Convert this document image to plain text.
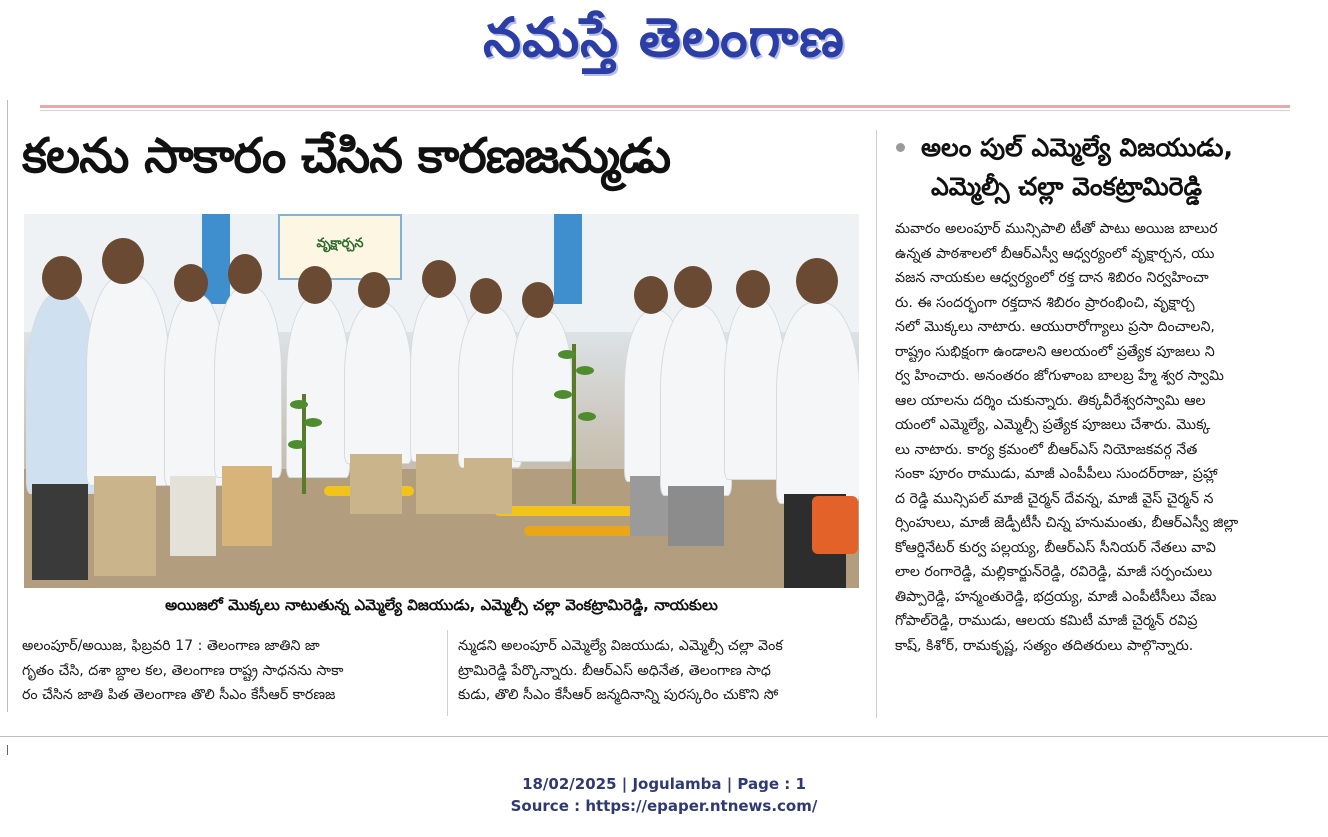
నమస్తే తెలంగాణ
కలను సాకారం చేసిన కారణజన్ముడు
వృక్షార్చన
అయిజలో మొక్కలు నాటుతున్న ఎమ్మెల్యే విజయుడు, ఎమ్మెల్సీ చల్లా వెంకట్రామిరెడ్డి, నాయకులు

అలంపూర్/అయిజ, ఫిబ్రవరి 17 : తెలంగాణ జాతిని జా

గృతం చేసి, దశా బ్దాల కల, తెలంగాణ రాష్ట్ర సాధనను సాకా

రం చేసిన జాతి పిత తెలంగాణ తొలి సీఎం కేసీఆర్ కారణజ

న్ముడని అలంపూర్ ఎమ్మెల్యే విజయుడు, ఎమ్మెల్సీ చల్లా వెంక

ట్రామిరెడ్డి పేర్కొన్నారు. బీఆర్ఎస్ అధినేత, తెలంగాణ సాధ

కుడు, తొలి సీఎం కేసీఆర్ జన్మదినాన్ని పురస్కరిం చుకొని సో

అలం పుల్ ఎమ్మెల్యే విజయుడు,

ఎమ్మెల్సీ చల్లా వెంకట్రామిరెడ్డి

మవారం అలంపూర్ మున్సిపాలి టీతో పాటు అయిజ బాలుర

ఉన్నత పాఠశాలలో బీఆర్ఎస్వీ ఆధ్వర్యంలో వృక్షార్చన, యు

వజన నాయకుల ఆధ్వర్యంలో రక్త దాన శిబిరం నిర్వహించా

రు. ఈ సందర్భంగా రక్తదాన శిబిరం ప్రారంభించి, వృక్షార్చ

నలో మొక్కలు నాటారు. ఆయురారోగ్యాలు ప్రసా దించాలని,

రాష్ట్రం సుభిక్షంగా ఉండాలని ఆలయంలో ప్రత్యేక పూజలు ని

ర్వ హించారు. అనంతరం జోగుళాంబ బాలబ్ర హ్మే శ్వర స్వామి

ఆల యాలను దర్శిం చుకున్నారు. తిక్కవీరేశ్వరస్వామి ఆల

యంలో ఎమ్మెల్యే, ఎమ్మెల్సీ ప్రత్యేక పూజలు చేశారు. మొక్క

లు నాటారు. కార్య క్రమంలో బీఆర్ఎస్ నియోజకవర్గ నేత

సంకా పూరం రాముడు, మాజీ ఎంపీపీలు సుందర్‌రాజు, ప్రహ్లా

ద రెడ్డి మున్సిపల్ మాజీ చైర్మన్ దేవన్న, మాజీ వైస్ చైర్మన్ న

ర్సింహులు, మాజీ జెడ్పీటీసీ చిన్న హనుమంతు, బీఆర్ఎస్వీ జిల్లా

కోఆర్డినేటర్ కుర్వ పల్లయ్య, బీఆర్ఎస్ సీనియర్ నేతలు వావి

లాల రంగారెడ్డి, మల్లికార్జున్‌రెడ్డి, రవిరెడ్డి, మాజీ సర్పంచులు

తిప్పారెడ్డి, హన్మంతురెడ్డి, భద్రయ్య, మాజీ ఎంపీటీసీలు వేణు

గోపాల్‌రెడ్డి, రాముడు, ఆలయ కమిటీ మాజీ చైర్మన్ రవిప్ర

కాష్, కిశోర్, రామకృష్ణ, సత్యం తదితరులు పాల్గొన్నారు.

18/02/2025 | Jogulamba | Page : 1
Source : https://epaper.ntnews.com/
